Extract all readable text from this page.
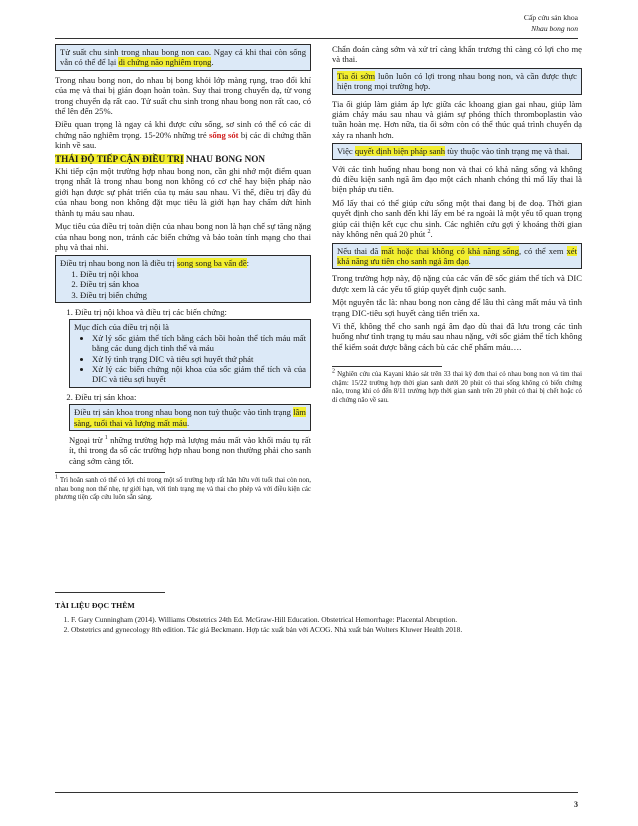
Cấp cứu sản khoa
Nhau bong non
Tử suất chu sinh trong nhau bong non cao. Ngay cả khi thai còn sống vẫn có thể để lại di chứng não nghiêm trọng.

Trong nhau bong non, do nhau bị bong khỏi lớp màng rụng, trao đổi khí của mẹ và thai bị gián đoạn hoàn toàn. Suy thai trong chuyển dạ, từ vong trong chuyển dạ rất cao. Tử suất chu sinh trong nhau bong non rất cao, có thể lên đến 25%.

Điều quan trọng là ngay cả khi được cứu sống, sơ sinh có thể có các di chứng não nghiêm trọng. 15-20% những trẻ sống sót bị các di chứng thần kinh về sau.

THÁI ĐỘ TIẾP CẬN ĐIỀU TRỊ NHAU BONG NON

Khi tiếp cận một trường hợp nhau bong non, cần ghi nhớ một điểm quan trọng nhất là trong nhau bong non không có cơ chế hay biện pháp nào giới hạn được sự phát triển của tụ máu sau nhau. Vì thế, điều trị đầy đủ của nhau bong non không đặt mục tiêu là giới hạn hay chấm dứt hình thành tụ máu sau nhau.

Mục tiêu của điều trị toàn diện của nhau bong non là hạn chế sự tăng nặng của nhau bong non, tránh các biến chứng và bảo toàn tính mạng cho thai phụ và thai nhi.

Điều trị nhau bong non là điều trị song song ba vấn đề:
1. Điều trị nội khoa
2. Điều trị sản khoa
3. Điều trị biến chứng
1. Điều trị nội khoa và điều trị các biến chứng:
Mục đích của điều trị nội là
• Xử lý sốc giảm thể tích bằng cách bồi hoàn thể tích máu mất bằng các dung dịch tinh thể và máu
• Xử lý tình trạng DIC và tiêu sợi huyết thứ phát
• Xử lý các biến chứng nội khoa của sốc giảm thể tích và của DIC và tiêu sợi huyết
2. Điều trị sản khoa:
Điều trị sản khoa trong nhau bong non tuỳ thuộc vào tình trạng lâm sàng, tuổi thai và lượng mất máu.

Ngoại trừ $^1$ những trường hợp mà lượng máu mất vào khối máu tụ rất ít, thì trong đa số các trường hợp nhau bong non thường phải cho sanh càng sớm càng tốt.

$^1$ Trì hoãn sanh có thể có lợi chỉ trong một số trường hợp rất hãn hữu với tuổi thai còn non, nhau bong non thể nhẹ, tự giới hạn, với tình trạng mẹ và thai cho phép và với điều kiện các phương tiện cấp cứu luôn sẵn sàng.

Chẩn đoán càng sớm và xử trí càng khẩn trương thì càng có lợi cho mẹ và thai.

Tia ối sớm luôn luôn có lợi trong nhau bong non, và cần được thực hiện trong mọi trường hợp.

Tia ối giúp làm giảm áp lực giữa các khoang gian gai nhau, giúp làm giảm chảy máu sau nhau và giảm sự phóng thích thromboplastin vào tuần hoàn mẹ. Hơn nữa, tia ối sớm còn có thể thúc quá trình chuyển dạ xảy ra nhanh hơn.

Việc quyết định biện pháp sanh tùy thuộc vào tình trạng mẹ và thai.

Với các tình huống nhau bong non và thai có khả năng sống và không đủ điều kiện sanh ngã âm đạo một cách nhanh chóng thì mổ lấy thai là biện pháp ưu tiên.

Mổ lấy thai có thể giúp cứu sống một thai đang bị đe doạ. Thời gian quyết định cho sanh đến khi lấy em bé ra ngoài là một yếu tố quan trọng giúp cải thiện kết cục chu sinh. Các nghiên cứu gợi ý khoảng thời gian này không nên quá 20 phút $^2$.

Nếu thai đã mất hoặc thai không có khả năng sống, có thể xem xét khả năng ưu tiên cho sanh ngả âm đạo.

Trong trường hợp này, độ nặng của các vấn đề sốc giảm thể tích và DIC được xem là các yếu tố giúp quyết định cuộc sanh.

Một nguyên tắc là: nhau bong non càng để lâu thì càng mất máu và tình trạng DIC-tiêu sợi huyết càng tiến triển xa.

Vì thế, không thể cho sanh ngả âm đạo dù thai đã lưu trong các tình huống như tình trạng tụ máu sau nhau nặng, với sốc giảm thể tích không thể kiểm soát được bằng cách bù các chế phẩm máu….

$^2$ Nghiên cứu của Kayani khảo sát trên 33 thai kỳ đơn thai có nhau bong non và tim thai chậm: 15/22 trường hợp thời gian sanh dưới 20 phút có thai sống không có biến chứng não, trong khi có đến 8/11 trường hợp thời gian sanh trên 20 phút có thai bị chết hoặc có di chứng não về sau.
TÀI LIỆU ĐỌC THÊM
1. F. Gary Cunningham (2014). Williams Obstetrics 24th Ed. McGraw-Hill Education. Obstetrical Hemorrhage: Placental Abruption.
2. Obstetrics and gynecology 8th edition. Tác giả Beckmann. Hợp tác xuất bản với ACOG. Nhà xuất bản Wolters Kluwer Health 2018.
3
